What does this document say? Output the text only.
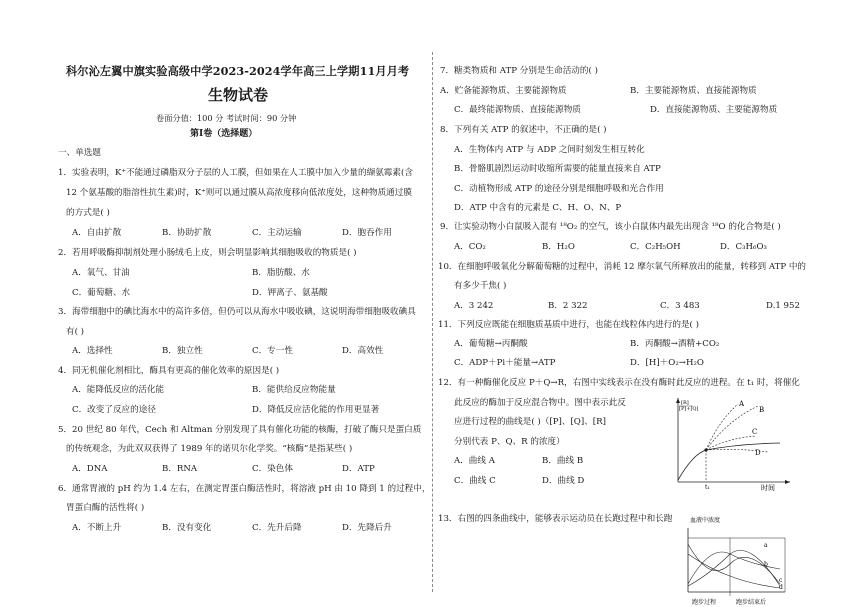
科尔沁左翼中旗实验高级中学2023-2024学年高三上学期11月月考
生物试卷
卷面分值：100 分 考试时间：90 分钟
第Ⅰ卷（选择题）
一、单选题
1．实验表明，K⁺不能通过磷脂双分子层的人工膜，但如果在人工膜中加入少量的缬氨霉素(含
12 个氨基酸的脂溶性抗生素)时，K⁺则可以通过膜从高浓度移向低浓度处，这种物质通过膜
的方式是( )
A．自由扩散	B．协助扩散	C．主动运输	D．胞吞作用
2．若用呼吸酶抑制剂处理小肠绒毛上皮，则会明显影响其细胞吸收的物质是( )
A．氧气、甘油	B．脂肪酸、水
C．葡萄糖、水	D．钾离子、氨基酸
3．海带细胞中的碘比海水中的高许多倍，但仍可以从海水中吸收碘，这说明海带细胞吸收碘具
有( )
A．选择性	B．独立性	C．专一性	D．高效性
4．同无机催化剂相比，酶具有更高的催化效率的原因是( )
A．能降低反应的活化能	B．能供给反应物能量
C．改变了反应的途径	D．降低反应活化能的作用更显著
5．20 世纪 80 年代，Cech 和 Altman 分别发现了具有催化功能的核酶，打破了酶只是蛋白质
的传统观念，为此双双获得了 1989 年的诺贝尔化学奖。“核酶”是指某些( )
A．DNA	B．RNA	C．染色体	D．ATP
6．通常胃液的 pH 约为 1.4 左右，在测定胃蛋白酶活性时，将溶液 pH 由 10 降到 1 的过程中，
胃蛋白酶的活性将( )
A．不断上升	B．没有变化	C．先升后降	D．先降后升
7．糖类物质和 ATP 分别是生命活动的( )
A．贮备能源物质、主要能源物质	B．主要能源物质、直接能源物质
C．最终能源物质、直接能源物质	D．直接能源物质、主要能源物质
8．下列有关 ATP 的叙述中，不正确的是( )
A．生物体内 ATP 与 ADP 之间时刻发生相互转化
B．骨骼肌剧烈运动时收缩所需要的能量直接来自 ATP
C．动植物形成 ATP 的途径分别是细胞呼吸和光合作用
D．ATP 中含有的元素是 C、H、O、N、P
9．让实验动物小白鼠吸入混有 ¹⁸O₂ 的空气，该小白鼠体内最先出现含 ¹⁸O 的化合物是( )
A．CO₂	B．H₂O	C．C₂H₅OH	D．C₃H₆O₃
10．在细胞呼吸氧化分解葡萄糖的过程中，消耗 12 摩尔氧气所释放出的能量，转移到 ATP 中的
有多少千焦( )
A．3 242	B．2 322	C．3 483	D.1 952
11．下列反应既能在细胞质基质中进行，也能在线粒体内进行的是( )
A．葡萄糖→丙酮酸	B．丙酮酸→酒精+CO₂
C．ADP＋Pi＋能量→ATP	D．[H]＋O₂→H₂O
12．有一种酶催化反应 P＋Q→R，右图中实线表示在没有酶时此反应的进程。在 t₁ 时，将催化
此反应的酶加于反应混合物中。图中表示此反
应进行过程的曲线是( )（[P]、[Q]、[R]
分别代表 P、Q、R 的浓度）
A．曲线 A	B．曲线 B
C．曲线 C	D．曲线 D
13．右图的四条曲线中，能够表示运动员在长跑过程中和长跑
[R]
[P]+[Q]
时间
t₁
A
B
C
D
血液中浓度
a
b
c
d
跑步过程	跑步结束后
